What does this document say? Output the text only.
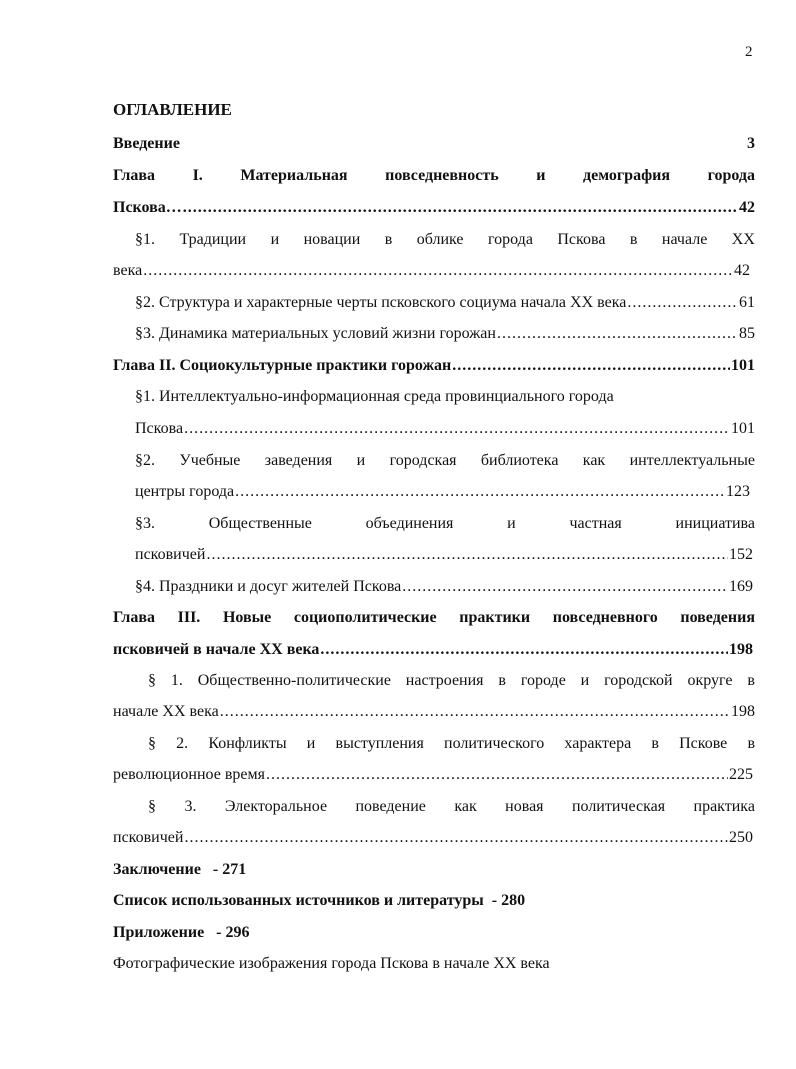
2
ОГЛАВЛЕНИЕ
Введение	3
Глава I. Материальная повседневность и демография города
Пскова… .....	42
§1. Традиции и новации в облике города Пскова в начале ХХ
века .....	42
§2. Структура и характерные черты псковского социума начала ХХ века .....	61
§3. Динамика материальных условий жизни горожан .....	85
Глава II. Социокультурные практики горожан .....	101
§1. Интеллектуально-информационная среда провинциального города
Пскова .....	101
§2. Учебные заведения и городская библиотека как интеллектуальные
центры города .....	123
§3.	Общественные	объединения	и	частная	инициатива
псковичей .....	152
§4. Праздники и досуг жителей Пскова .....	169
Глава III. Новые социополитические практики повседневного поведения
псковичей в начале ХХ века .....	198
§ 1. Общественно-политические настроения в городе и городской округе в
начале ХХ века .....	198
§ 2. Конфликты и выступления политического характера в Пскове в
революционное время .....	225
§ 3. Электоральное поведение как новая политическая практика
псковичей .....	250
Заключение   - 271
Список использованных источников и литературы  - 280
Приложение   - 296
Фотографические изображения города Пскова в начале ХХ века
